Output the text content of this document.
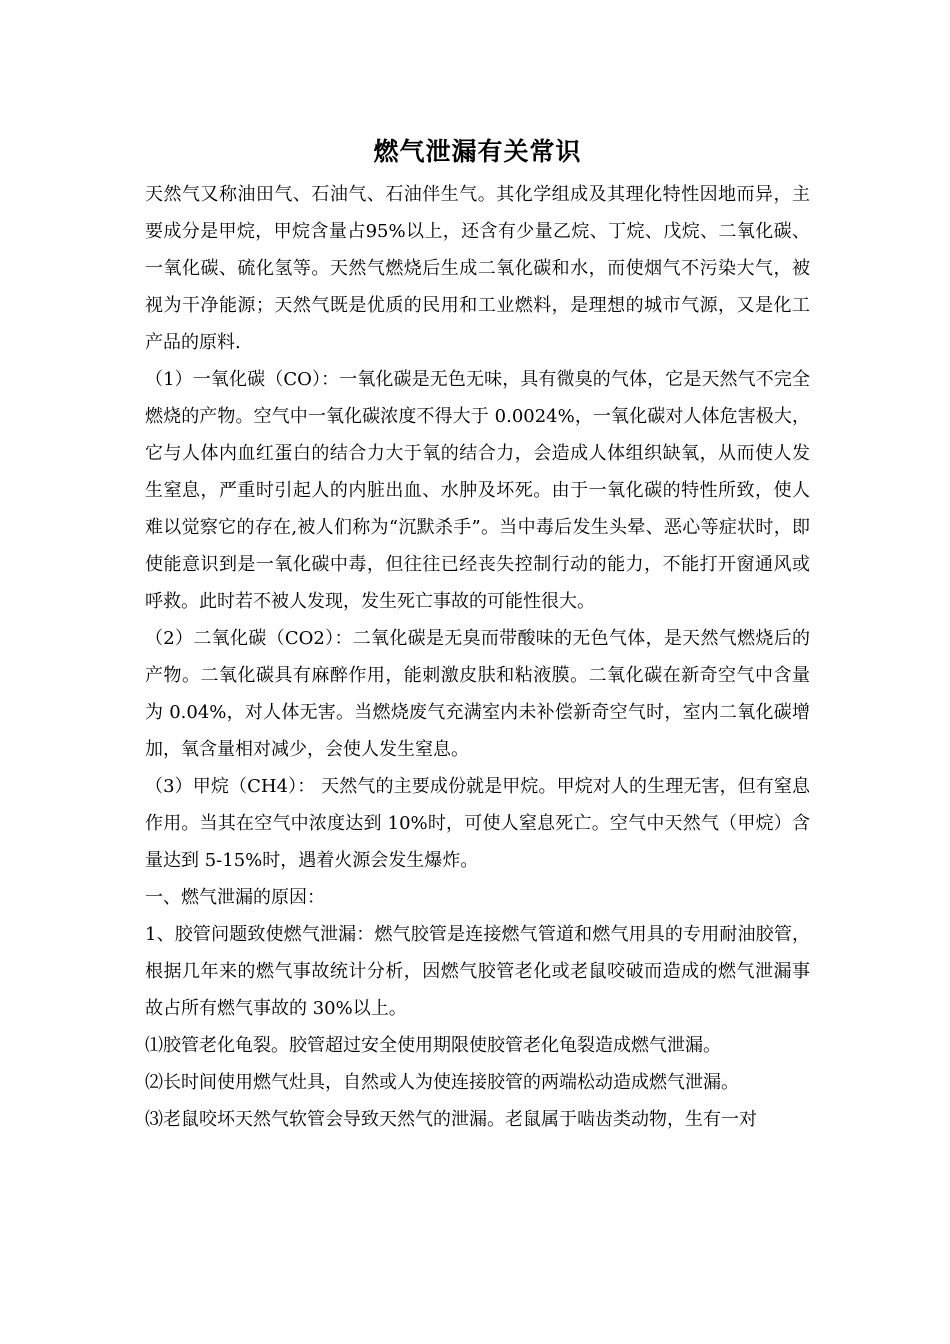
燃气泄漏有关常识

天然气又称油田气、石油气、石油伴生气。其化学组成及其理化特性因地而异，主要成分是甲烷，甲烷含量占95%以上，还含有少量乙烷、丁烷、戊烷、二氧化碳、一氧化碳、硫化氢等。天然气燃烧后生成二氧化碳和水，而使烟气不污染大气，被视为干净能源；天然气既是优质的民用和工业燃料，是理想的城市气源，又是化工产品的原料.

（1）一氧化碳（CO）：一氧化碳是无色无味，具有微臭的气体，它是天然气不完全燃烧的产物。空气中一氧化碳浓度不得大于 0.0024%，一氧化碳对人体危害极大，它与人体内血红蛋白的结合力大于氧的结合力，会造成人体组织缺氧，从而使人发生窒息，严重时引起人的内脏出血、水肿及坏死。由于一氧化碳的特性所致，使人难以觉察它的存在,被人们称为“沉默杀手”。当中毒后发生头晕、恶心等症状时，即使能意识到是一氧化碳中毒，但往往已经丧失控制行动的能力，不能打开窗通风或呼救。此时若不被人发现，发生死亡事故的可能性很大。

（2）二氧化碳（CO2）：二氧化碳是无臭而带酸味的无色气体，是天然气燃烧后的产物。二氧化碳具有麻醉作用，能刺激皮肤和粘液膜。二氧化碳在新奇空气中含量为 0.04%，对人体无害。当燃烧废气充满室内未补偿新奇空气时，室内二氧化碳增加，氧含量相对减少，会使人发生窒息。

（3）甲烷（CH4）： 天然气的主要成份就是甲烷。甲烷对人的生理无害，但有窒息作用。当其在空气中浓度达到 10%时，可使人窒息死亡。空气中天然气（甲烷）含量达到 5-15%时，遇着火源会发生爆炸。

一、燃气泄漏的原因：

1、胶管问题致使燃气泄漏：燃气胶管是连接燃气管道和燃气用具的专用耐油胶管，根据几年来的燃气事故统计分析，因燃气胶管老化或老鼠咬破而造成的燃气泄漏事故占所有燃气事故的 30%以上。

⑴胶管老化龟裂。胶管超过安全使用期限使胶管老化龟裂造成燃气泄漏。

⑵长时间使用燃气灶具，自然或人为使连接胶管的两端松动造成燃气泄漏。

⑶老鼠咬坏天然气软管会导致天然气的泄漏。老鼠属于啮齿类动物，生有一对
